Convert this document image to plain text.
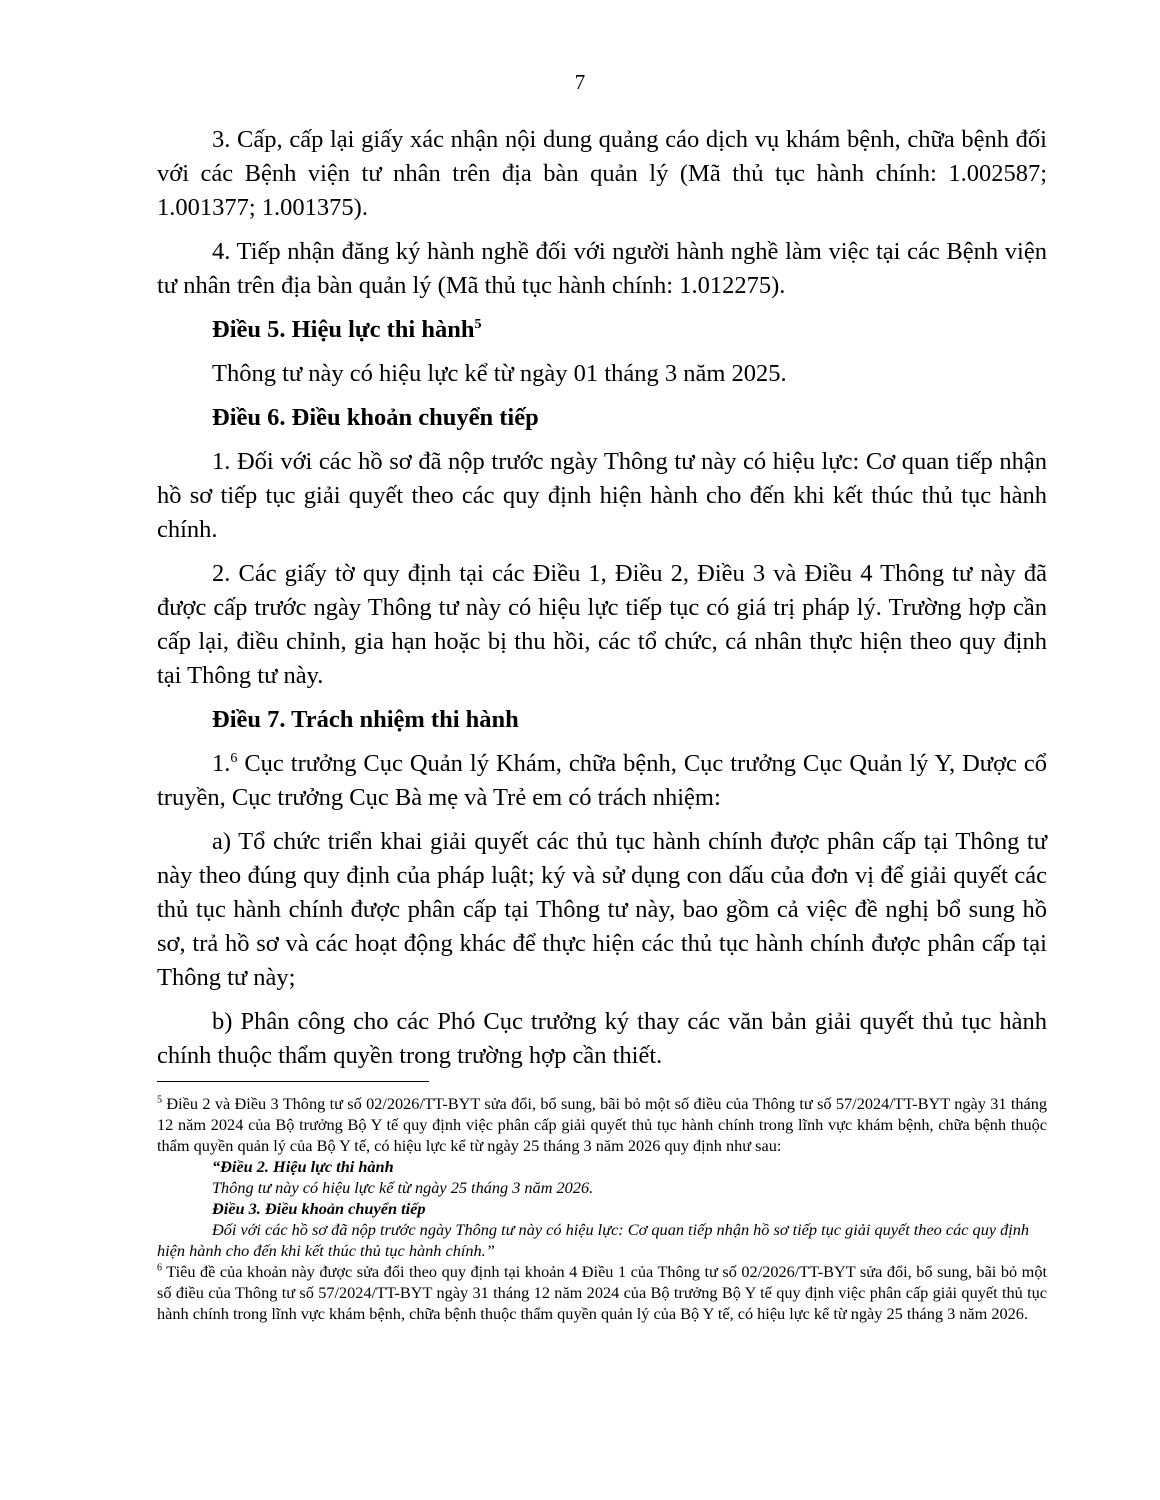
7

3. Cấp, cấp lại giấy xác nhận nội dung quảng cáo dịch vụ khám bệnh, chữa bệnh đối với các Bệnh viện tư nhân trên địa bàn quản lý (Mã thủ tục hành chính: 1.002587; 1.001377; 1.001375).

4. Tiếp nhận đăng ký hành nghề đối với người hành nghề làm việc tại các Bệnh viện tư nhân trên địa bàn quản lý (Mã thủ tục hành chính: 1.012275).

Điều 5. Hiệu lực thi hành$^5$

Thông tư này có hiệu lực kể từ ngày 01 tháng 3 năm 2025.

Điều 6. Điều khoản chuyển tiếp

1. Đối với các hồ sơ đã nộp trước ngày Thông tư này có hiệu lực: Cơ quan tiếp nhận hồ sơ tiếp tục giải quyết theo các quy định hiện hành cho đến khi kết thúc thủ tục hành chính.

2. Các giấy tờ quy định tại các Điều 1, Điều 2, Điều 3 và Điều 4 Thông tư này đã được cấp trước ngày Thông tư này có hiệu lực tiếp tục có giá trị pháp lý. Trường hợp cần cấp lại, điều chỉnh, gia hạn hoặc bị thu hồi, các tổ chức, cá nhân thực hiện theo quy định tại Thông tư này.

Điều 7. Trách nhiệm thi hành

1.$^6$ Cục trưởng Cục Quản lý Khám, chữa bệnh, Cục trưởng Cục Quản lý Y, Dược cổ truyền, Cục trưởng Cục Bà mẹ và Trẻ em có trách nhiệm:

a) Tổ chức triển khai giải quyết các thủ tục hành chính được phân cấp tại Thông tư này theo đúng quy định của pháp luật; ký và sử dụng con dấu của đơn vị để giải quyết các thủ tục hành chính được phân cấp tại Thông tư này, bao gồm cả việc đề nghị bổ sung hồ sơ, trả hồ sơ và các hoạt động khác để thực hiện các thủ tục hành chính được phân cấp tại Thông tư này;

b) Phân công cho các Phó Cục trưởng ký thay các văn bản giải quyết thủ tục hành chính thuộc thẩm quyền trong trường hợp cần thiết.

$^5$ Điều 2 và Điều 3 Thông tư số 02/2026/TT-BYT sửa đổi, bổ sung, bãi bỏ một số điều của Thông tư số 57/2024/TT-BYT ngày 31 tháng 12 năm 2024 của Bộ trưởng Bộ Y tế quy định việc phân cấp giải quyết thủ tục hành chính trong lĩnh vực khám bệnh, chữa bệnh thuộc thẩm quyền quản lý của Bộ Y tế, có hiệu lực kể từ ngày 25 tháng 3 năm 2026 quy định như sau:

“Điều 2. Hiệu lực thi hành

Thông tư này có hiệu lực kể từ ngày 25 tháng 3 năm 2026.

Điều 3. Điều khoản chuyển tiếp

Đối với các hồ sơ đã nộp trước ngày Thông tư này có hiệu lực: Cơ quan tiếp nhận hồ sơ tiếp tục giải quyết theo các quy định hiện hành cho đến khi kết thúc thủ tục hành chính.”

$^6$ Tiêu đề của khoản này được sửa đổi theo quy định tại khoản 4 Điều 1 của Thông tư số 02/2026/TT-BYT sửa đổi, bổ sung, bãi bỏ một số điều của Thông tư số 57/2024/TT-BYT ngày 31 tháng 12 năm 2024 của Bộ trưởng Bộ Y tế quy định việc phân cấp giải quyết thủ tục hành chính trong lĩnh vực khám bệnh, chữa bệnh thuộc thẩm quyền quản lý của Bộ Y tế, có hiệu lực kể từ ngày 25 tháng 3 năm 2026.
